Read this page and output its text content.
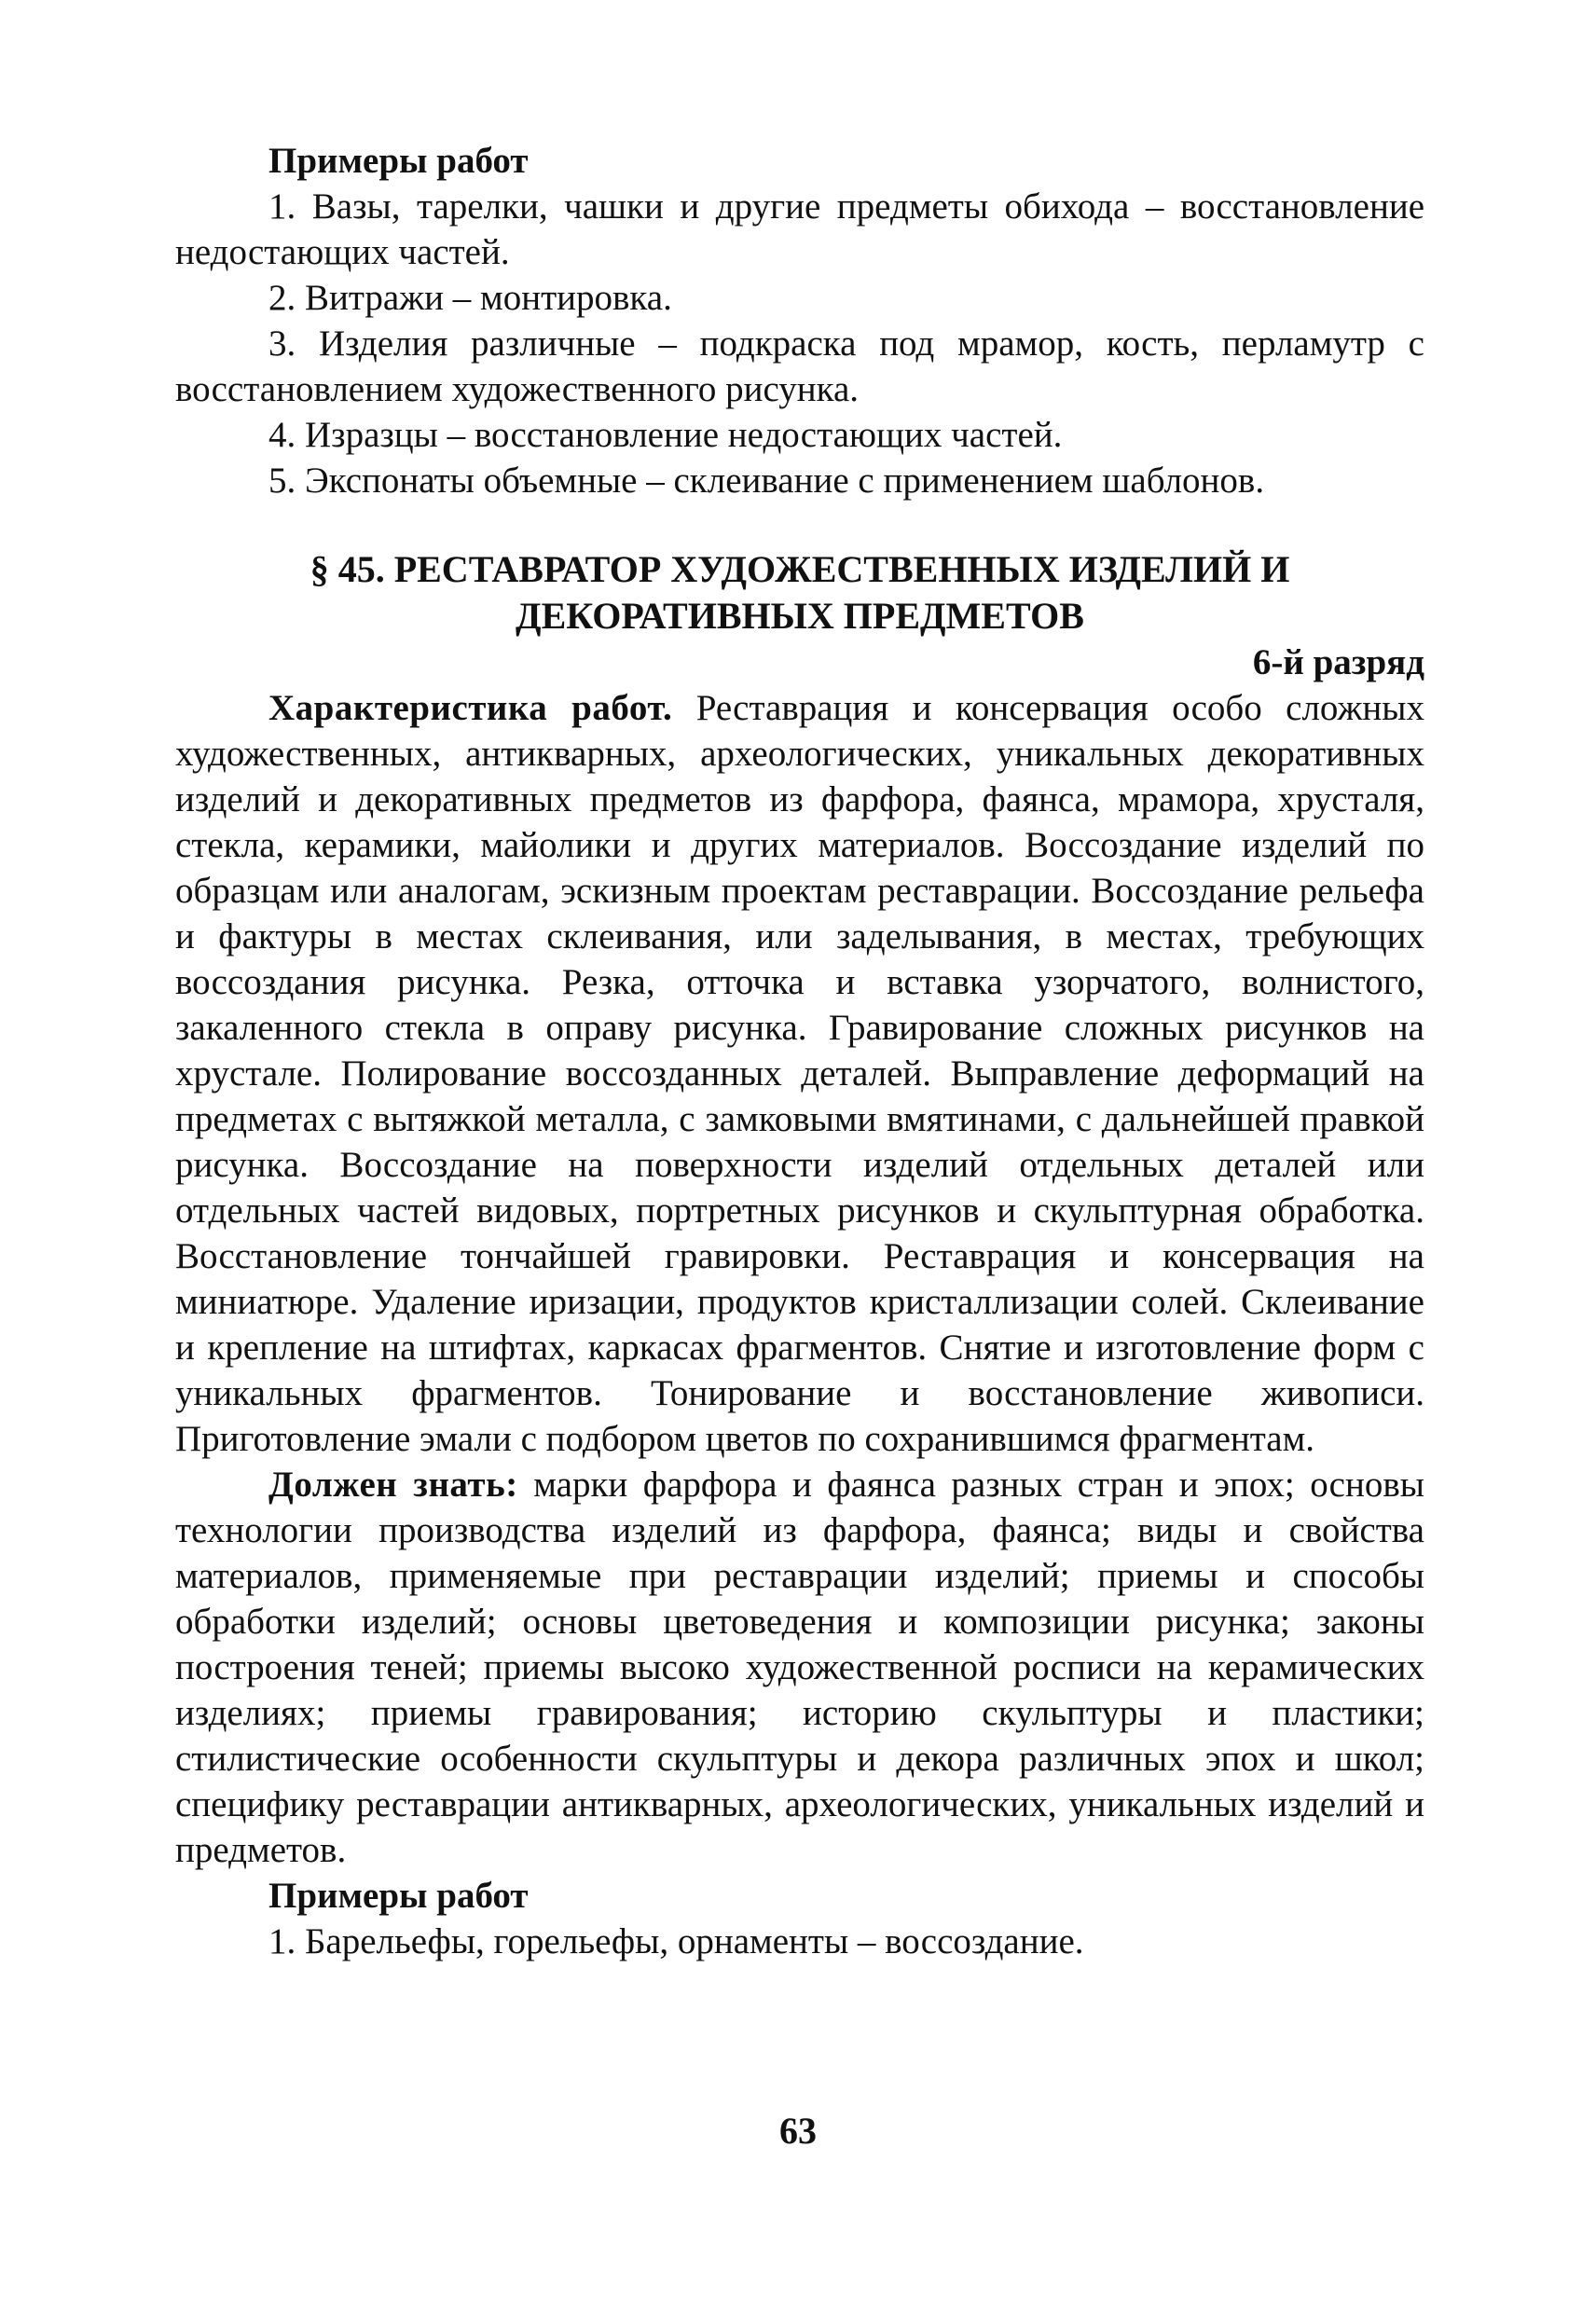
Примеры работ

1. Вазы, тарелки, чашки и другие предметы обихода – восстановление недостающих частей.

2. Витражи – монтировка.

3. Изделия различные – подкраска под мрамор, кость, перламутр с восстановлением художественного рисунка.

4. Изразцы – восстановление недостающих частей.

5. Экспонаты объемные – склеивание с применением шаблонов.

§ 45. РЕСТАВРАТОР ХУДОЖЕСТВЕННЫХ ИЗДЕЛИЙ И
ДЕКОРАТИВНЫХ ПРЕДМЕТОВ

6-й разряд

Характеристика работ. Реставрация и консервация особо сложных художественных, антикварных, археологических, уникальных декоративных изделий и декоративных предметов из фарфора, фаянса, мрамора, хрусталя, стекла, керамики, майолики и других материалов. Воссоздание изделий по образцам или аналогам, эскизным проектам реставрации. Воссоздание рельефа и фактуры в местах склеивания, или заделывания, в местах, требующих воссоздания рисунка. Резка, отточка и вставка узорчатого, волнистого, закаленного стекла в оправу рисунка. Гравирование сложных рисунков на хрустале. Полирование воссозданных деталей. Выправление деформаций на предметах с вытяжкой металла, с замковыми вмятинами, с дальнейшей правкой рисунка. Воссоздание на поверхности изделий отдельных деталей или отдельных частей видовых, портретных рисунков и скульптурная обработка. Восстановление тончайшей гравировки. Реставрация и консервация на миниатюре. Удаление иризации, продуктов кристаллизации солей. Склеивание и крепление на штифтах, каркасах фрагментов. Снятие и изготовление форм с уникальных фрагментов. Тонирование и восстановление живописи. Приготовление эмали с подбором цветов по сохранившимся фрагментам.

Должен знать: марки фарфора и фаянса разных стран и эпох; основы технологии производства изделий из фарфора, фаянса; виды и свойства материалов, применяемые при реставрации изделий; приемы и способы обработки изделий; основы цветоведения и композиции рисунка; законы построения теней; приемы высоко художественной росписи на керамических изделиях; приемы гравирования; историю скульптуры и пластики; стилистические особенности скульптуры и декора различных эпох и школ; специфику реставрации антикварных, археологических, уникальных изделий и предметов.

Примеры работ

1. Барельефы, горельефы, орнаменты – воссоздание.

63
